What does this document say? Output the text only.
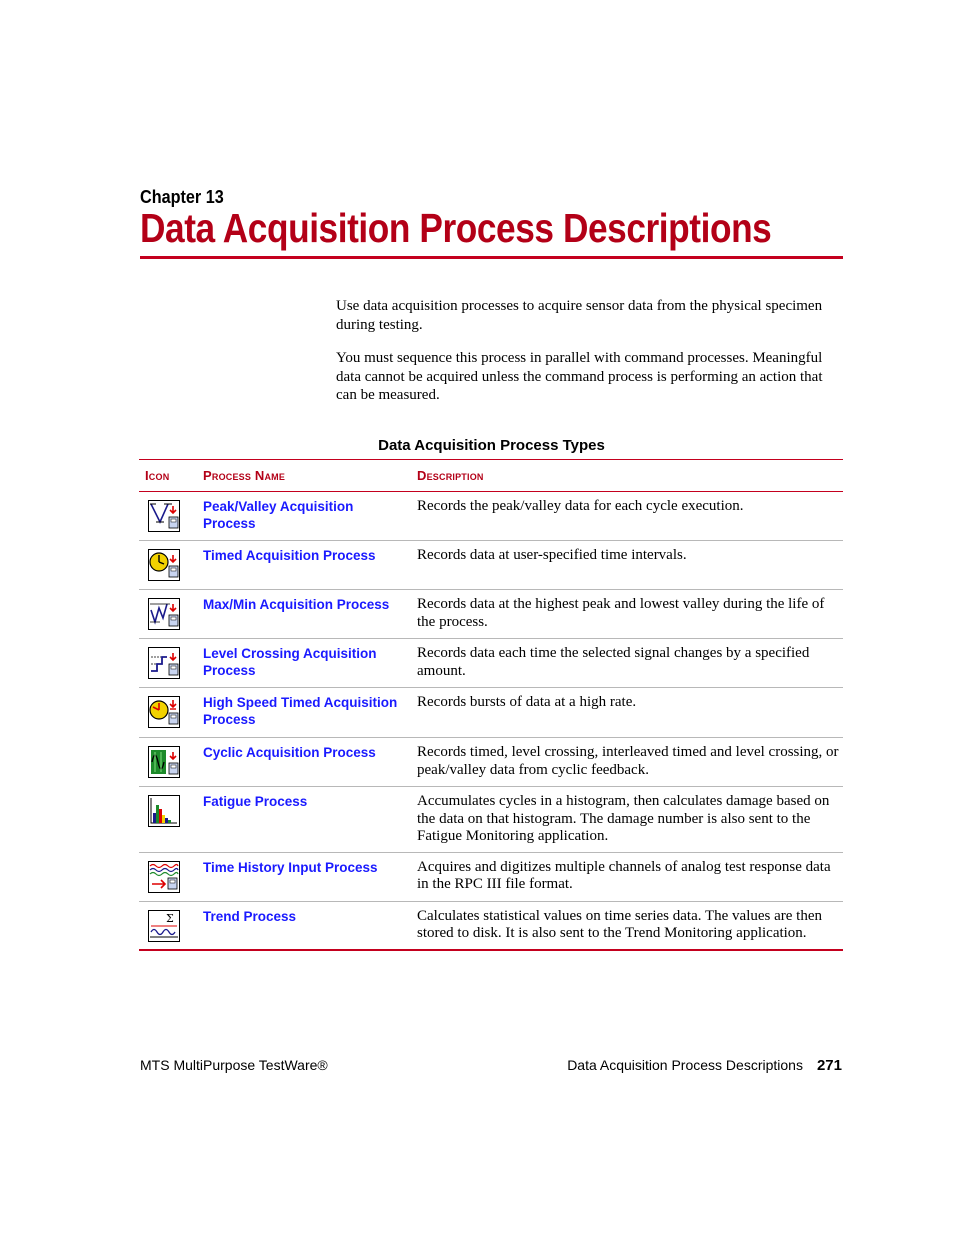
Chapter 13
Data Acquisition Process Descriptions

Use data acquisition processes to acquire sensor data from the physical specimen during testing.

You must sequence this process in parallel with command processes. Meaningful data cannot be acquired unless the command process is performing an action that can be measured.

Data Acquisition Process Types
Icon	Process Name	Description

	Peak/Valley Acquisition Process	Records the peak/valley data for each cycle execution.

	Timed Acquisition Process	Records data at user-specified time intervals.

	Max/Min Acquisition Process	Records data at the highest peak and lowest valley during the life of the process.

	Level Crossing Acquisition Process	Records data each time the selected signal changes by a specified amount.

	High Speed Timed Acquisition Process	Records bursts of data at a high rate.

	Cyclic Acquisition Process	Records timed, level crossing, interleaved timed and level crossing, or peak/valley data from cyclic feedback.

	Fatigue Process	Accumulates cycles in a histogram, then calculates damage based on the data on that histogram. The damage number is also sent to the Fatigue Monitoring application.

	Time History Input Process	Acquires and digitizes multiple channels of analog test response data in the RPC III file format.

Σ	Trend Process	Calculates statistical values on time series data. The values are then stored to disk. It is also sent to the Trend Monitoring application.
MTS MultiPurpose TestWare®	Data Acquisition Process Descriptions 271
